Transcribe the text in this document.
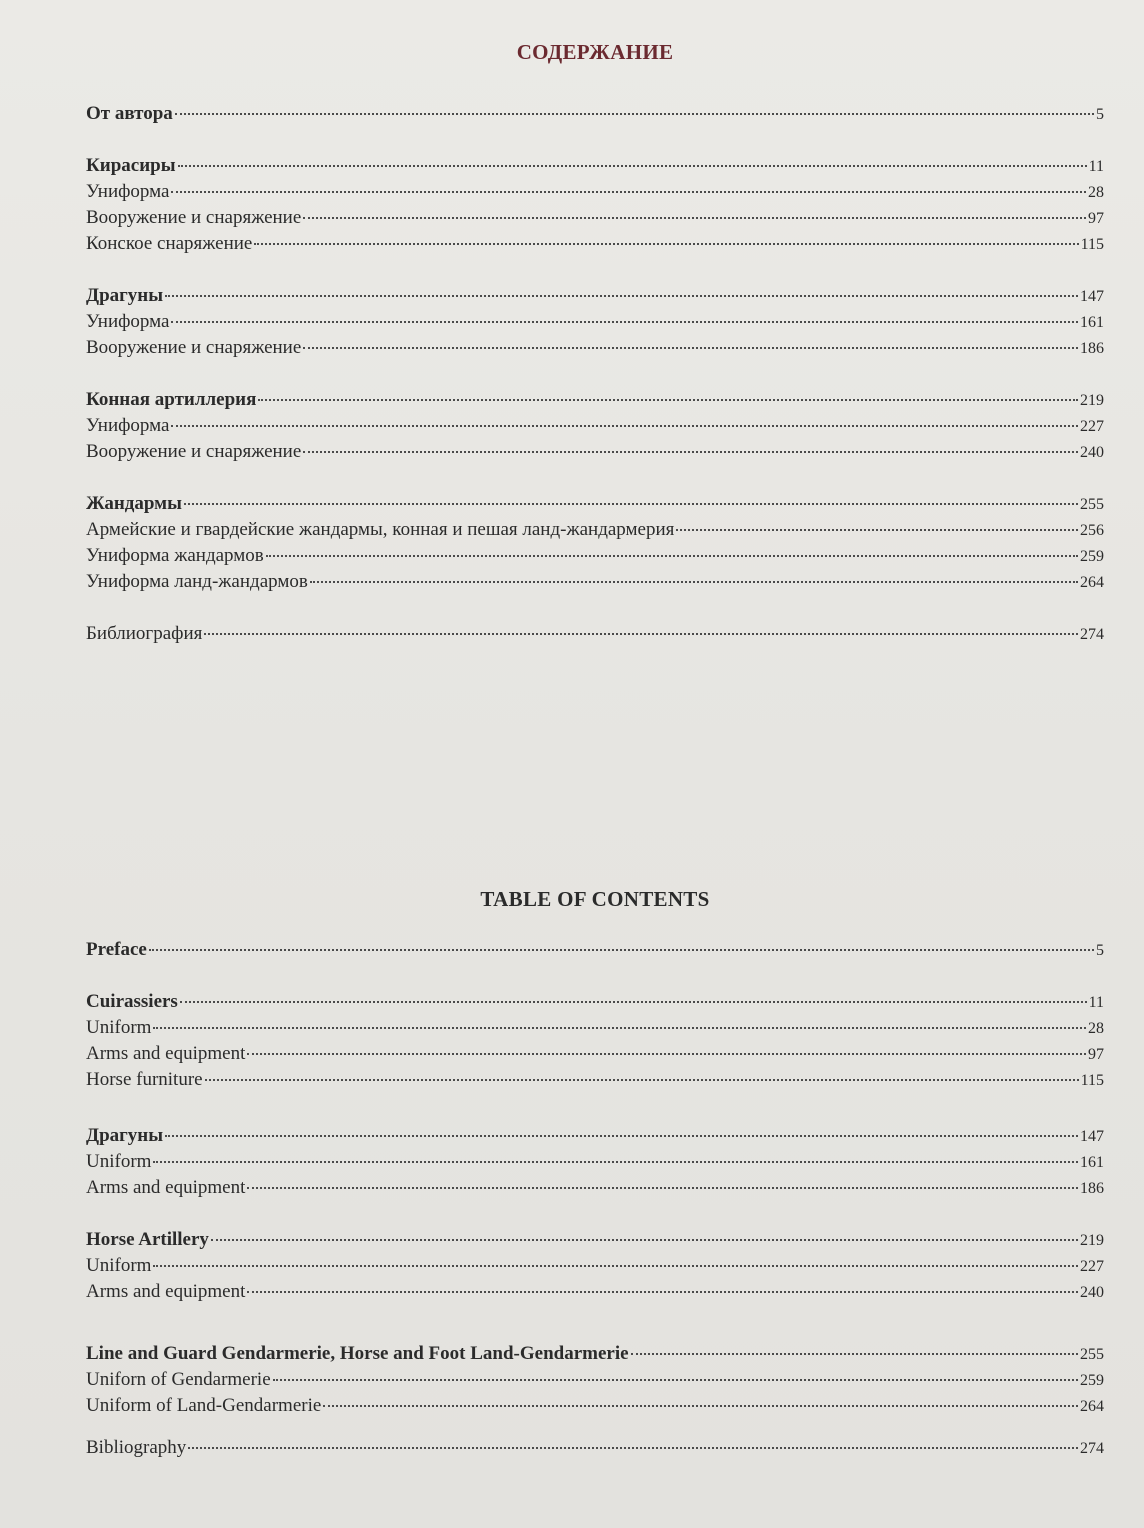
СОДЕРЖАНИЕ
От автора	5
Кирасиры	11
Униформа	28
Вооружение и снаряжение	97
Конское снаряжение	115
Драгуны	147
Униформа	161
Вооружение и снаряжение	186
Конная артиллерия	219
Униформа	227
Вооружение и снаряжение	240
Жандармы	255
Армейские и гвардейские жандармы, конная и пешая ланд-жандармерия	256
Униформа жандармов	259
Униформа ланд-жандармов	264
Библиография	274
TABLE OF CONTENTS
Preface	5
Cuirassiers	11
Uniform	28
Arms and equipment	97
Horse furniture	115
Драгуны	147
Uniform	161
Arms and equipment	186
Horse Artillery	219
Uniform	227
Arms and equipment	240
Line and Guard Gendarmerie, Horse and Foot Land-Gendarmerie	255
Uniforn of Gendarmerie	259
Uniform of Land-Gendarmerie	264
Bibliography	274
